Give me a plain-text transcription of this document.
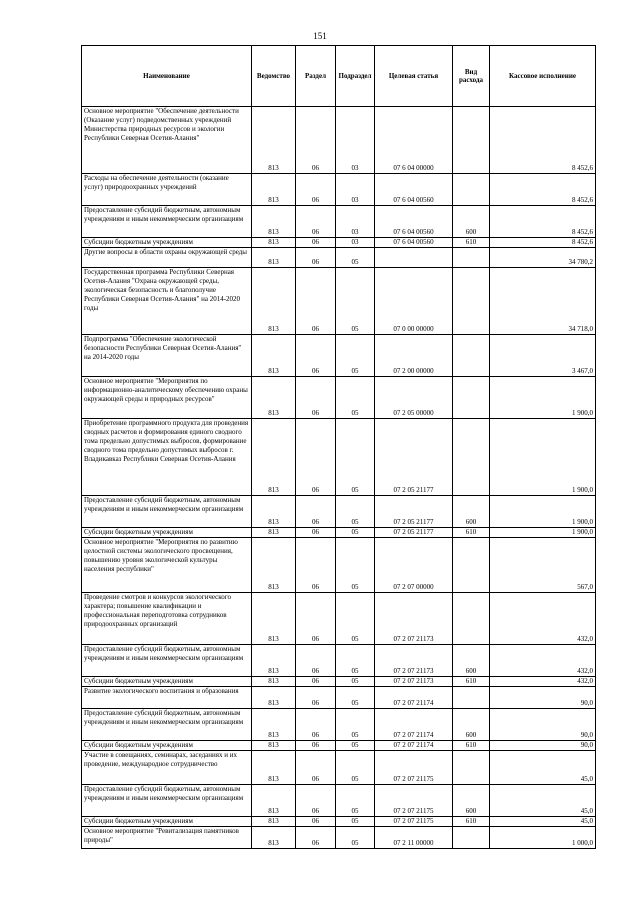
151
Наименование	Ведомство	Раздел	Подраздел	Целевая статья	Вид расхода	Кассовое исполнение
Основное мероприятие "Обеспечение деятельности (Оказание услуг) подведомственных учреждений Министерства природных ресурсов и экологии Республики Северная Осетия-Алания"	813	06	03	07 6 04 00000		8 452,6
Расходы на обеспечение деятельности (оказание услуг) природоохранных учреждений	813	06	03	07 6 04 00560		8 452,6
Предоставление субсидий бюджетным, автономным учреждениям и иным некоммерческим организациям	813	06	03	07 6 04 00560	600	8 452,6
Субсидии бюджетным учреждениям	813	06	03	07 6 04 00560	610	8 452,6
Другие вопросы в области охраны окружающей среды	813	06	05			34 780,2
Государственная программа Республики Северная Осетия-Алания "Охрана окружающей среды, экологическая безопасность и благополучие Республики Северная Осетия-Алания" на 2014-2020 годы	813	06	05	07 0 00 00000		34 718,0
Подпрограмма "Обеспечение экологической безопасности Республики Северная Осетия-Алания" на 2014-2020 годы	813	06	05	07 2 00 00000		3 467,0
Основное мероприятие "Мероприятия по информационно-аналитическому обеспечению охраны окружающей среды и природных ресурсов"	813	06	05	07 2 05 00000		1 900,0
Приобретение программного продукта для проведения сводных расчетов и формирования единого сводного тома предельно допустимых выбросов, формирование сводного тома предельно допустимых выбросов г. Владикавказ Республики Северная Осетия-Алания	813	06	05	07 2 05 21177		1 900,0
Предоставление субсидий бюджетным, автономным учреждениям и иным некоммерческим организациям	813	06	05	07 2 05 21177	600	1 900,0
Субсидии бюджетным учреждениям	813	06	05	07 2 05 21177	610	1 900,0
Основное мероприятие "Мероприятия по развитию целостной системы экологического просвещения, повышению уровня экологической культуры населения республики"	813	06	05	07 2 07 00000		567,0
Проведение смотров и конкурсов экологического характера; повышение квалификации и профессиональная переподготовка сотрудников природоохранных организаций	813	06	05	07 2 07 21173		432,0
Предоставление субсидий бюджетным, автономным учреждениям и иным некоммерческим организациям	813	06	05	07 2 07 21173	600	432,0
Субсидии бюджетным учреждениям	813	06	05	07 2 07 21173	610	432,0
Развитие экологического воспитания и образования	813	06	05	07 2 07 21174		90,0
Предоставление субсидий бюджетным, автономным учреждениям и иным некоммерческим организациям	813	06	05	07 2 07 21174	600	90,0
Субсидии бюджетным учреждениям	813	06	05	07 2 07 21174	610	90,0
Участие в совещаниях, семинарах, заседаниях и их проведение, международное сотрудничество	813	06	05	07 2 07 21175		45,0
Предоставление субсидий бюджетным, автономным учреждениям и иным некоммерческим организациям	813	06	05	07 2 07 21175	600	45,0
Субсидии бюджетным учреждениям	813	06	05	07 2 07 21175	610	45,0
Основное мероприятие "Ревитализация памятников природы"	813	06	05	07 2 11 00000		1 000,0
